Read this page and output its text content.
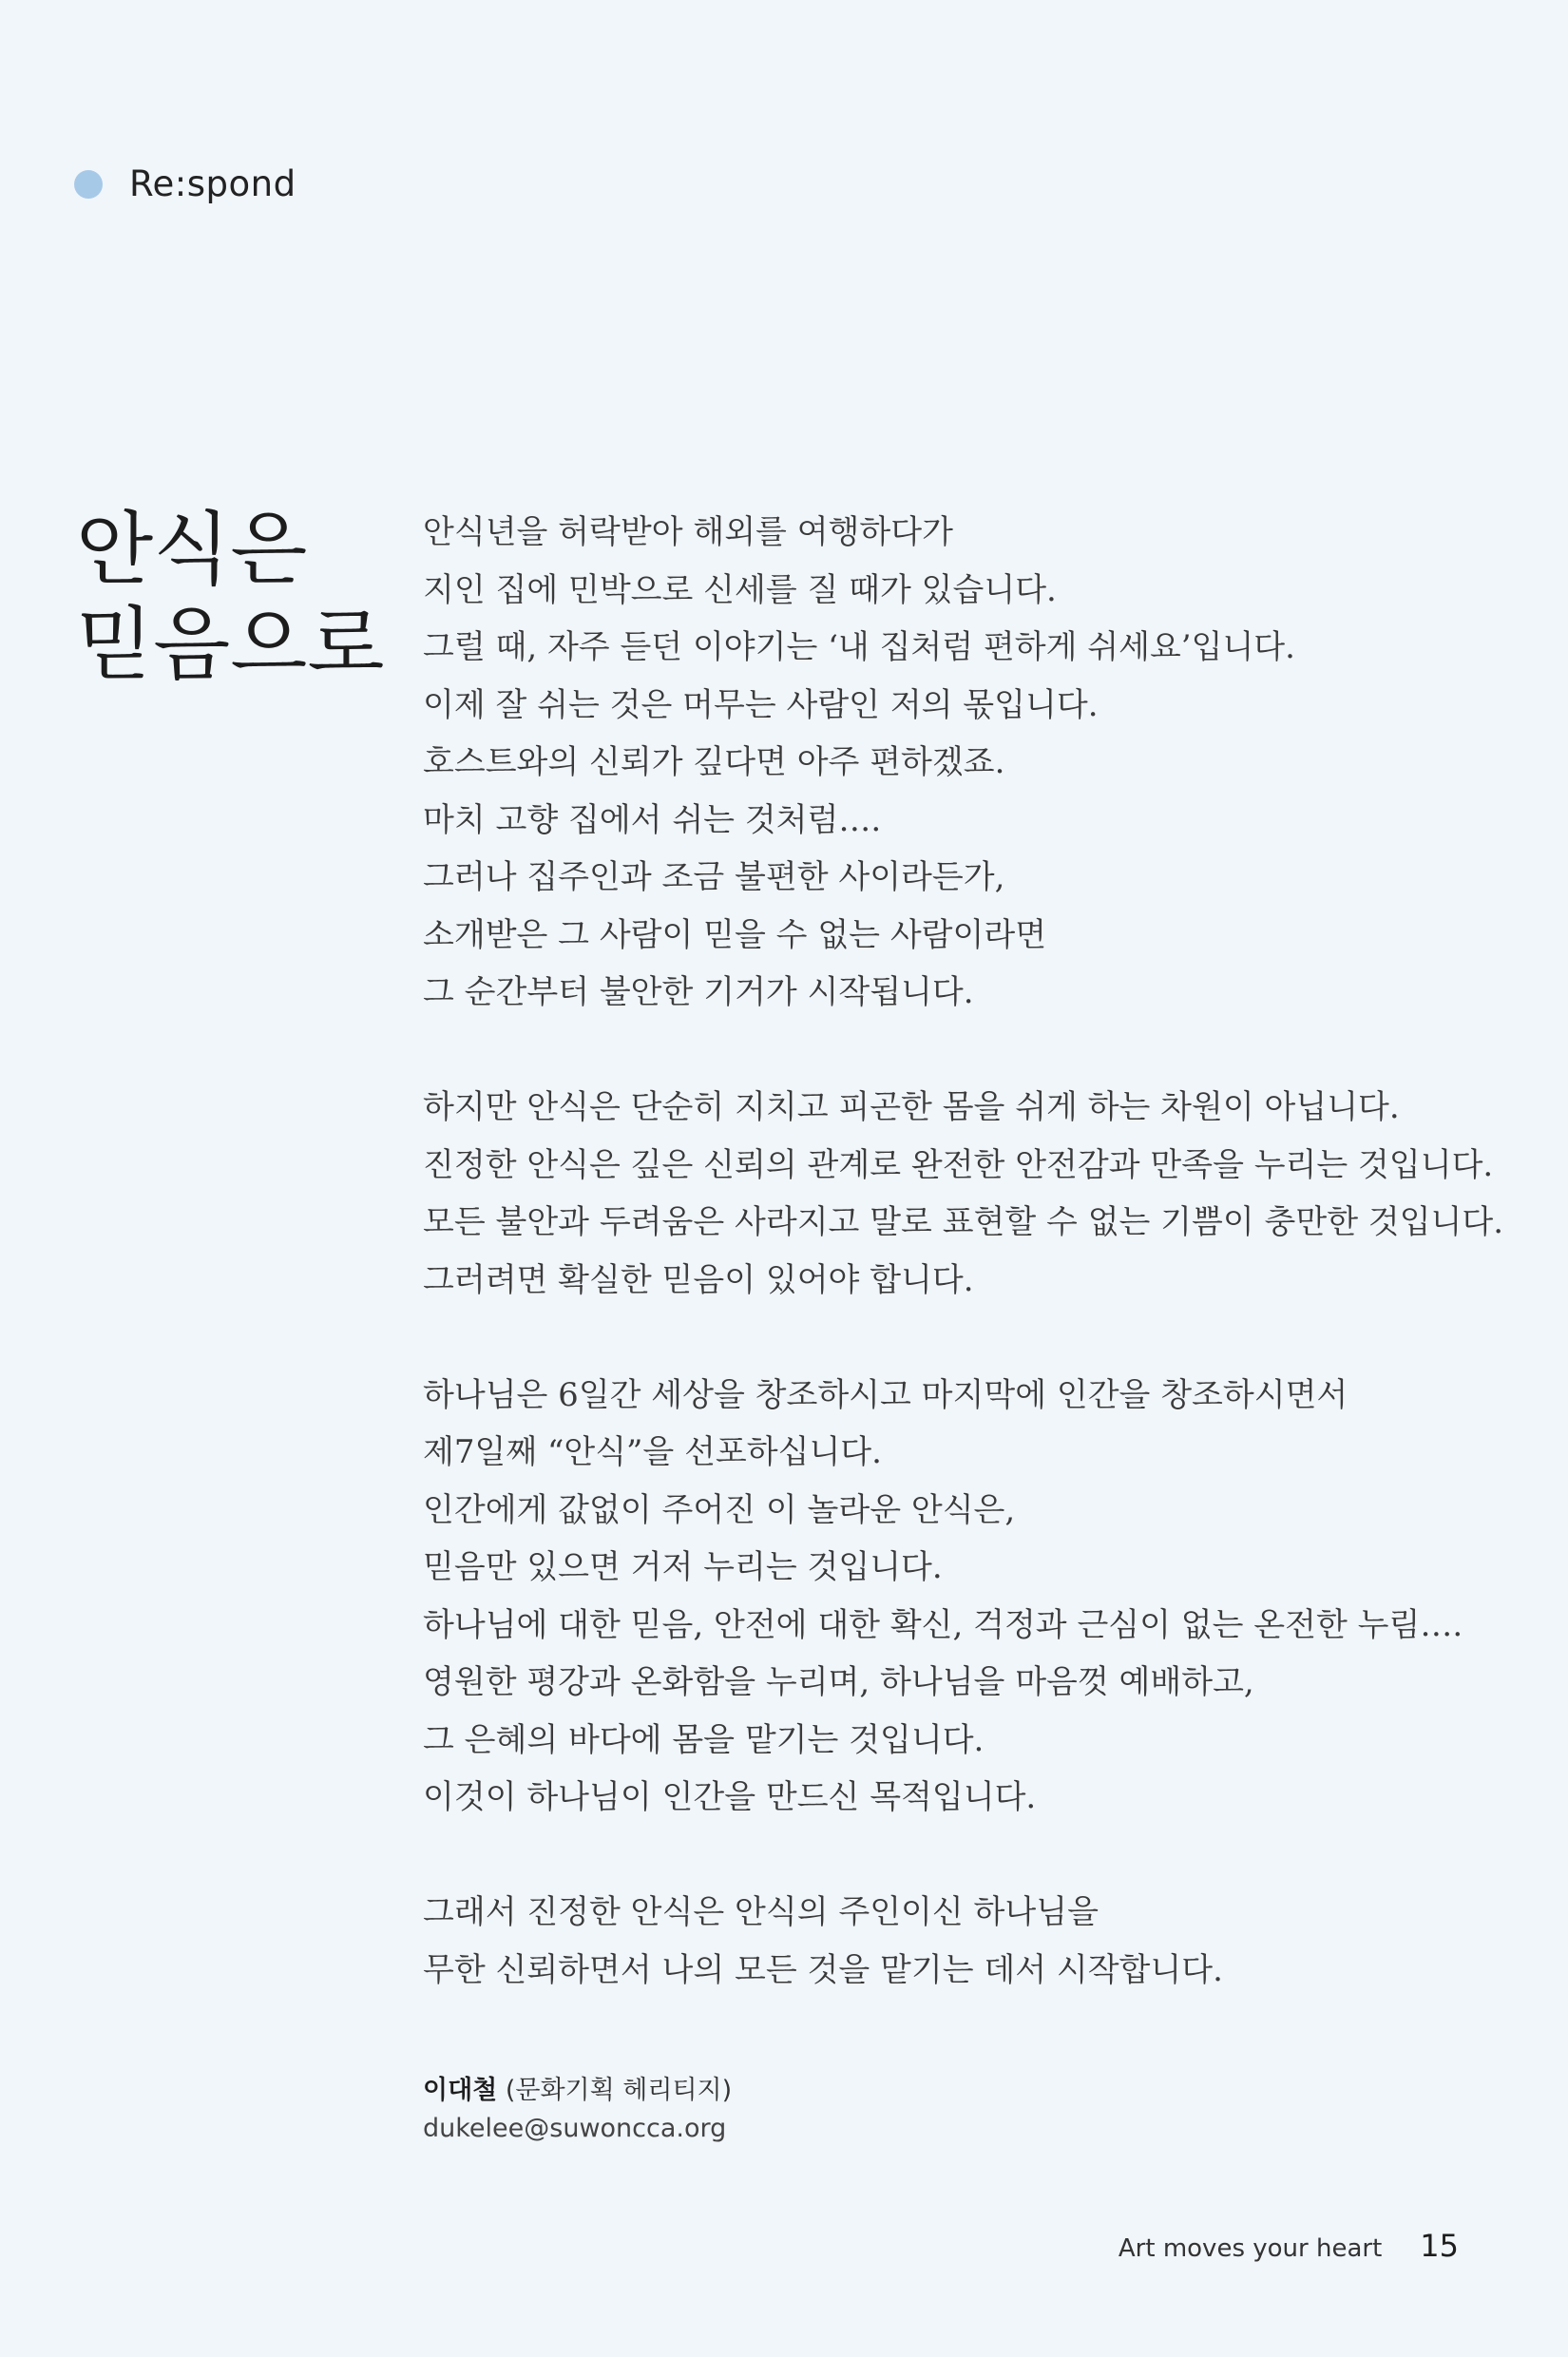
Re:spond
안식은
믿음으로

안식년을 허락받아 해외를 여행하다가
지인 집에 민박으로 신세를 질 때가 있습니다.
그럴 때, 자주 듣던 이야기는 ‘내 집처럼 편하게 쉬세요’입니다.
이제 잘 쉬는 것은 머무는 사람인 저의 몫입니다.
호스트와의 신뢰가 깊다면 아주 편하겠죠.
마치 고향 집에서 쉬는 것처럼….
그러나 집주인과 조금 불편한 사이라든가,
소개받은 그 사람이 믿을 수 없는 사람이라면
그 순간부터 불안한 기거가 시작됩니다.

하지만 안식은 단순히 지치고 피곤한 몸을 쉬게 하는 차원이 아닙니다.
진정한 안식은 깊은 신뢰의 관계로 완전한 안전감과 만족을 누리는 것입니다.
모든 불안과 두려움은 사라지고 말로 표현할 수 없는 기쁨이 충만한 것입니다.
그러려면 확실한 믿음이 있어야 합니다.

하나님은 6일간 세상을 창조하시고 마지막에 인간을 창조하시면서
제7일째 “안식”을 선포하십니다.
인간에게 값없이 주어진 이 놀라운 안식은,
믿음만 있으면 거저 누리는 것입니다.
하나님에 대한 믿음, 안전에 대한 확신, 걱정과 근심이 없는 온전한 누림….
영원한 평강과 온화함을 누리며, 하나님을 마음껏 예배하고,
그 은혜의 바다에 몸을 맡기는 것입니다.
이것이 하나님이 인간을 만드신 목적입니다.

그래서 진정한 안식은 안식의 주인이신 하나님을
무한 신뢰하면서 나의 모든 것을 맡기는 데서 시작합니다.

이대철 (문화기획 헤리티지)
dukelee@suwoncca.org
Art moves your heart 15
